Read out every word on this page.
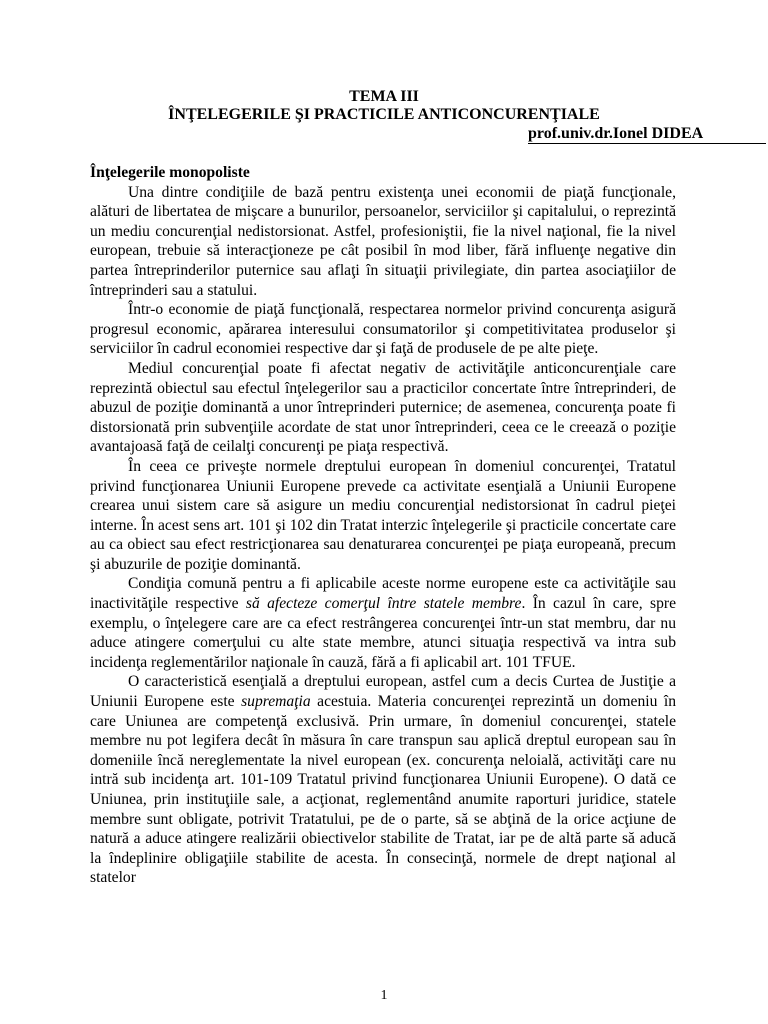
TEMA III
ÎNŢELEGERILE ŞI PRACTICILE ANTICONCURENŢIALE
prof.univ.dr.Ionel DIDEA
Înţelegerile monopoliste

Una dintre condiţiile de bază pentru existenţa unei economii de piaţă funcţionale, alături de libertatea de mişcare a bunurilor, persoanelor, serviciilor şi capitalului, o reprezintă un mediu concurenţial nedistorsionat. Astfel, profesioniştii, fie la nivel naţional, fie la nivel european, trebuie să interacţioneze pe cât posibil în mod liber, fără influenţe negative din partea întreprinderilor puternice sau aflaţi în situaţii privilegiate, din partea asociaţiilor de întreprinderi sau a statului.

Într-o economie de piaţă funcţională, respectarea normelor privind concurenţa asigură progresul economic, apărarea interesului consumatorilor şi competitivitatea produselor şi serviciilor în cadrul economiei respective dar şi faţă de produsele de pe alte pieţe.

Mediul concurenţial poate fi afectat negativ de activităţile anticoncurenţiale care reprezintă obiectul sau efectul înţelegerilor sau a practicilor concertate între întreprinderi, de abuzul de poziţie dominantă a unor întreprinderi puternice; de asemenea, concurenţa poate fi distorsionată prin subvenţiile acordate de stat unor întreprinderi, ceea ce le creează o poziţie avantajoasă faţă de ceilalţi concurenţi pe piaţa respectivă.

În ceea ce priveşte normele dreptului european în domeniul concurenţei, Tratatul privind funcţionarea Uniunii Europene prevede ca activitate esenţială a Uniunii Europene crearea unui sistem care să asigure un mediu concurenţial nedistorsionat în cadrul pieţei interne. În acest sens art. 101 şi 102 din Tratat interzic înţelegerile şi practicile concertate care au ca obiect sau efect restricţionarea sau denaturarea concurenţei pe piaţa europeană, precum şi abuzurile de poziţie dominantă.

Condiţia comună pentru a fi aplicabile aceste norme europene este ca activităţile sau inactivităţile respective să afecteze comerţul între statele membre. În cazul în care, spre exemplu, o înţelegere care are ca efect restrângerea concurenţei într-un stat membru, dar nu aduce atingere comerţului cu alte state membre, atunci situaţia respectivă va intra sub incidenţa reglementărilor naţionale în cauză, fără a fi aplicabil art. 101 TFUE.

O caracteristică esenţială a dreptului european, astfel cum a decis Curtea de Justiţie a Uniunii Europene este supremaţia acestuia. Materia concurenţei reprezintă un domeniu în care Uniunea are competenţă exclusivă. Prin urmare, în domeniul concurenţei, statele membre nu pot legifera decât în măsura în care transpun sau aplică dreptul european sau în domeniile încă nereglementate la nivel european (ex. concurenţa neloială, activităţi care nu intră sub incidenţa art. 101-109 Tratatul privind funcţionarea Uniunii Europene). O dată ce Uniunea, prin instituţiile sale, a acţionat, reglementând anumite raporturi juridice, statele membre sunt obligate, potrivit Tratatului, pe de o parte, să se abţină de la orice acţiune de natură a aduce atingere realizării obiectivelor stabilite de Tratat, iar pe de altă parte să aducă la îndeplinire obligaţiile stabilite de acesta. În consecinţă, normele de drept naţional al statelor

1
